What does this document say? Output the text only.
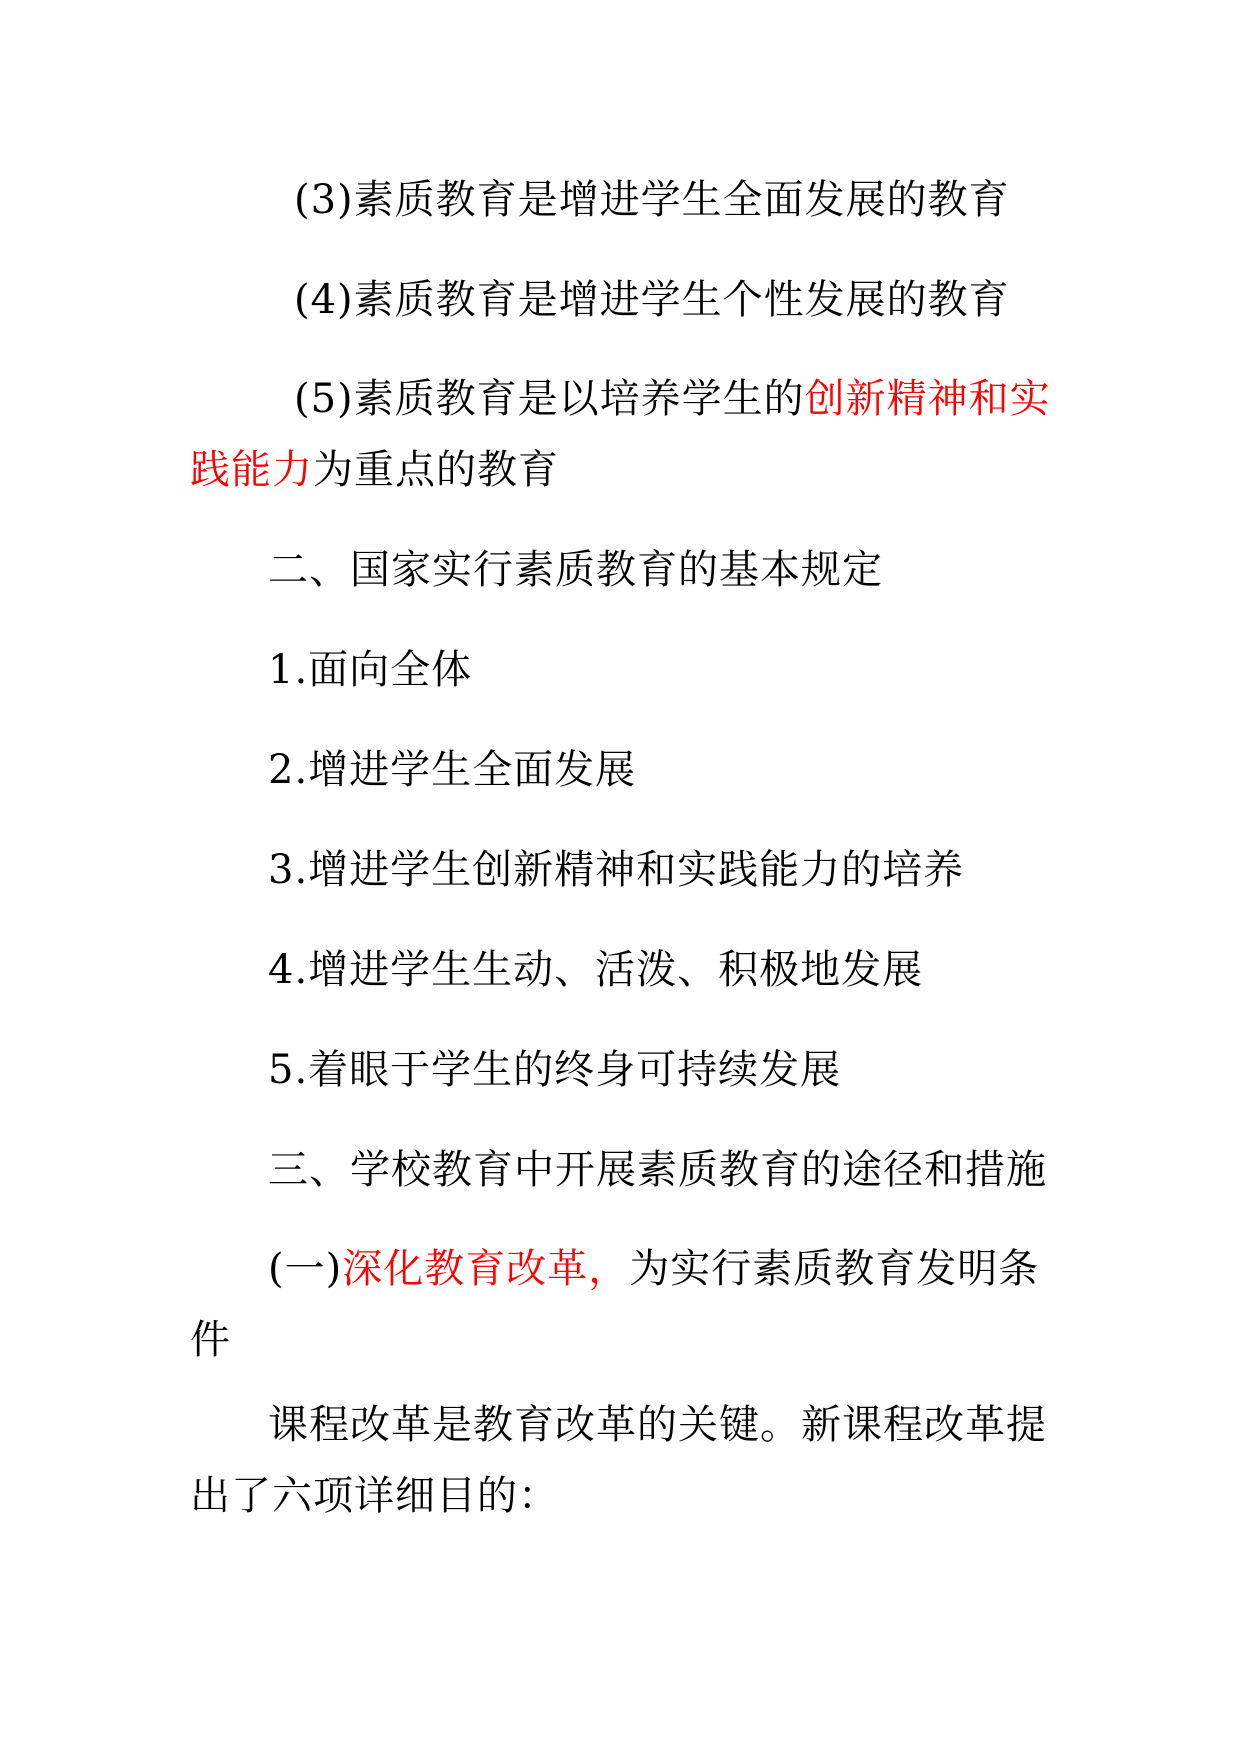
(3)素质教育是增进学生全面发展的教育
(4)素质教育是增进学生个性发展的教育
(5)素质教育是以培养学生的创新精神和实践能力为重点的教育
二、国家实行素质教育的基本规定
1.面向全体
2.增进学生全面发展
3.增进学生创新精神和实践能力的培养
4.增进学生生动、活泼、积极地发展
5.着眼于学生的终身可持续发展
三、学校教育中开展素质教育的途径和措施
(一)深化教育改革，为实行素质教育发明条件
课程改革是教育改革的关键。新课程改革提出了六项详细目的：
